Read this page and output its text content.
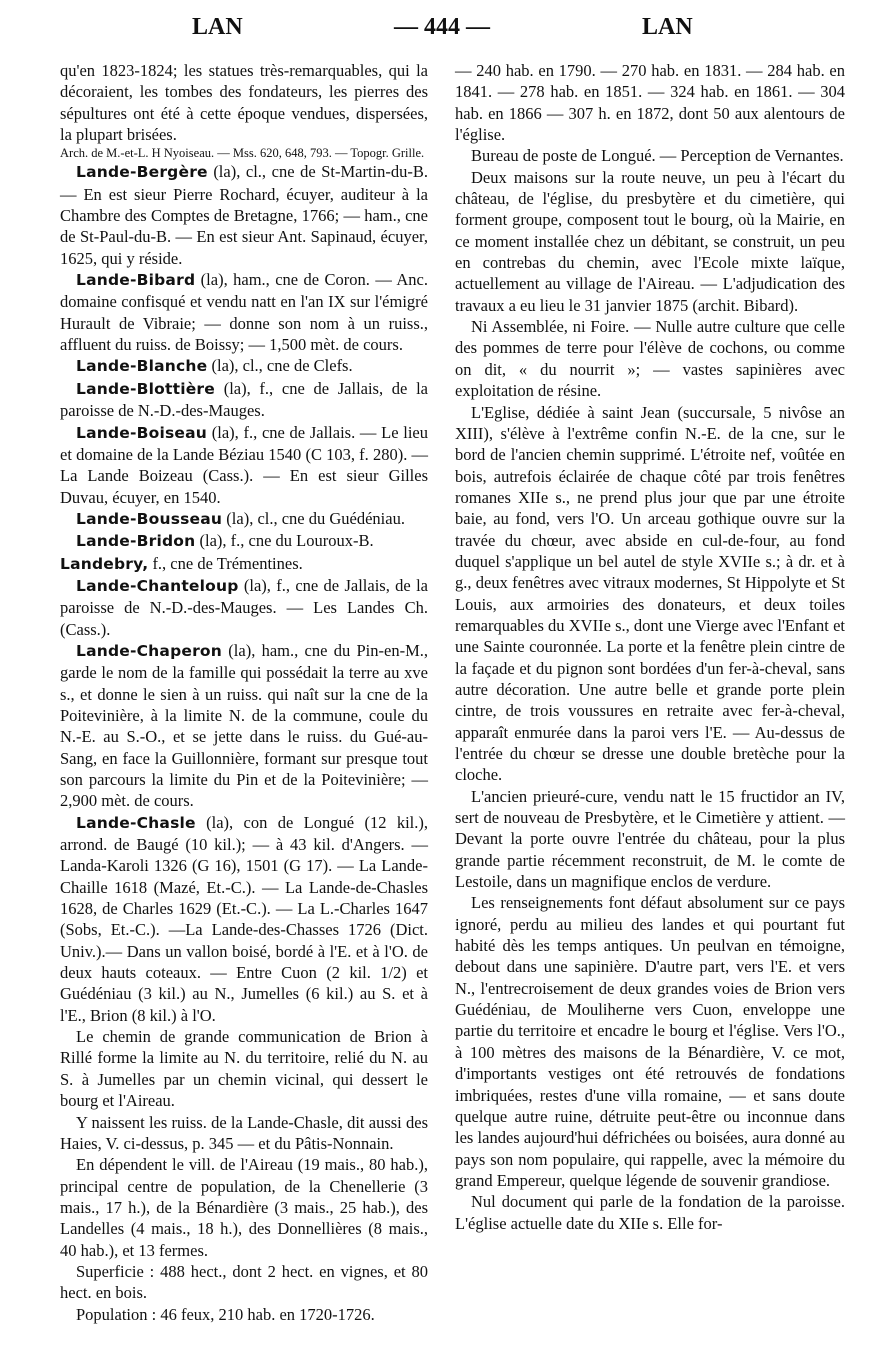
LAN	— 444 —	LAN

qu'en 1823-1824; les statues très-remarquables, qui la décoraient, les tombes des fondateurs, les pierres des sépultures ont été à cette époque vendues, dispersées, la plupart brisées.

Arch. de M.-et-L. H Nyoiseau. — Mss. 620, 648, 793. — Topogr. Grille.

Lande-Bergère (la), cl., cne de St-Martin-du-B. — En est sieur Pierre Rochard, écuyer, auditeur à la Chambre des Comptes de Bretagne, 1766; — ham., cne de St-Paul-du-B. — En est sieur Ant. Sapinaud, écuyer, 1625, qui y réside.

Lande-Bibard (la), ham., cne de Coron. — Anc. domaine confisqué et vendu natt en l'an IX sur l'émigré Hurault de Vibraie; — donne son nom à un ruiss., affluent du ruiss. de Boissy; — 1,500 mèt. de cours.

Lande-Blanche (la), cl., cne de Clefs.

Lande-Blottière (la), f., cne de Jallais, de la paroisse de N.-D.-des-Mauges.

Lande-Boiseau (la), f., cne de Jallais. — Le lieu et domaine de la Lande Béziau 1540 (C 103, f. 280). — La Lande Boizeau (Cass.). — En est sieur Gilles Duvau, écuyer, en 1540.

Lande-Bousseau (la), cl., cne du Guédéniau.

Lande-Bridon (la), f., cne du Louroux-B.

Landebry, f., cne de Trémentines.

Lande-Chanteloup (la), f., cne de Jallais, de la paroisse de N.-D.-des-Mauges. — Les Landes Ch. (Cass.).

Lande-Chaperon (la), ham., cne du Pin-en-M., garde le nom de la famille qui possédait la terre au xve s., et donne le sien à un ruiss. qui naît sur la cne de la Poitevinière, à la limite N. de la commune, coule du N.-E. au S.-O., et se jette dans le ruiss. du Gué-au-Sang, en face la Guillonnière, formant sur presque tout son parcours la limite du Pin et de la Poitevinière; — 2,900 mèt. de cours.

Lande-Chasle (la), con de Longué (12 kil.), arrond. de Baugé (10 kil.); — à 43 kil. d'Angers. — Landa-Karoli 1326 (G 16), 1501 (G 17). — La Lande-Chaille 1618 (Mazé, Et.-C.). — La Lande-de-Chasles 1628, de Charles 1629 (Et.-C.). — La L.-Charles 1647 (Sobs, Et.-C.). —La Lande-des-Chasses 1726 (Dict. Univ.).— Dans un vallon boisé, bordé à l'E. et à l'O. de deux hauts coteaux. — Entre Cuon (2 kil. 1/2) et Guédéniau (3 kil.) au N., Jumelles (6 kil.) au S. et à l'E., Brion (8 kil.) à l'O.

Le chemin de grande communication de Brion à Rillé forme la limite au N. du territoire, relié du N. au S. à Jumelles par un chemin vicinal, qui dessert le bourg et l'Aireau.

Y naissent les ruiss. de la Lande-Chasle, dit aussi des Haies, V. ci-dessus, p. 345 — et du Pâtis-Nonnain.

En dépendent le vill. de l'Aireau (19 mais., 80 hab.), principal centre de population, de la Chenellerie (3 mais., 17 h.), de la Bénardière (3 mais., 25 hab.), des Landelles (4 mais., 18 h.), des Donnellières (8 mais., 40 hab.), et 13 fermes.

Superficie : 488 hect., dont 2 hect. en vignes, et 80 hect. en bois.

Population : 46 feux, 210 hab. en 1720-1726.

— 240 hab. en 1790. — 270 hab. en 1831. — 284 hab. en 1841. — 278 hab. en 1851. — 324 hab. en 1861. — 304 hab. en 1866 — 307 h. en 1872, dont 50 aux alentours de l'église.

Bureau de poste de Longué. — Perception de Vernantes.

Deux maisons sur la route neuve, un peu à l'écart du château, de l'église, du presbytère et du cimetière, qui forment groupe, composent tout le bourg, où la Mairie, en ce moment installée chez un débitant, se construit, un peu en contrebas du chemin, avec l'Ecole mixte laïque, actuellement au village de l'Aireau. — L'adjudication des travaux a eu lieu le 31 janvier 1875 (archit. Bibard).

Ni Assemblée, ni Foire. — Nulle autre culture que celle des pommes de terre pour l'élève de cochons, ou comme on dit, « du nourrit »; — vastes sapinières avec exploitation de résine.

L'Eglise, dédiée à saint Jean (succursale, 5 nivôse an XIII), s'élève à l'extrême confin N.-E. de la cne, sur le bord de l'ancien chemin supprimé. L'étroite nef, voûtée en bois, autrefois éclairée de chaque côté par trois fenêtres romanes XIIe s., ne prend plus jour que par une étroite baie, au fond, vers l'O. Un arceau gothique ouvre sur la travée du chœur, avec abside en cul-de-four, au fond duquel s'applique un bel autel de style XVIIe s.; à dr. et à g., deux fenêtres avec vitraux modernes, St Hippolyte et St Louis, aux armoiries des donateurs, et deux toiles remarquables du XVIIe s., dont une Vierge avec l'Enfant et une Sainte couronnée. La porte et la fenêtre plein cintre de la façade et du pignon sont bordées d'un fer-à-cheval, sans autre décoration. Une autre belle et grande porte plein cintre, de trois voussures en retraite avec fer-à-cheval, apparaît enmurée dans la paroi vers l'E. — Au-dessus de l'entrée du chœur se dresse une double bretèche pour la cloche.

L'ancien prieuré-cure, vendu natt le 15 fructidor an IV, sert de nouveau de Presbytère, et le Cimetière y attient. — Devant la porte ouvre l'entrée du château, pour la plus grande partie récemment reconstruit, de M. le comte de Lestoile, dans un magnifique enclos de verdure.

Les renseignements font défaut absolument sur ce pays ignoré, perdu au milieu des landes et qui pourtant fut habité dès les temps antiques. Un peulvan en témoigne, debout dans une sapinière. D'autre part, vers l'E. et vers N., l'entrecroisement de deux grandes voies de Brion vers Guédéniau, de Mouliherne vers Cuon, enveloppe une partie du territoire et encadre le bourg et l'église. Vers l'O., à 100 mètres des maisons de la Bénardière, V. ce mot, d'importants vestiges ont été retrouvés de fondations imbriquées, restes d'une villa romaine, — et sans doute quelque autre ruine, détruite peut-être ou inconnue dans les landes aujourd'hui défrichées ou boisées, aura donné au pays son nom populaire, qui rappelle, avec la mémoire du grand Empereur, quelque légende de souvenir grandiose.

Nul document qui parle de la fondation de la paroisse. L'église actuelle date du XIIe s. Elle for-
